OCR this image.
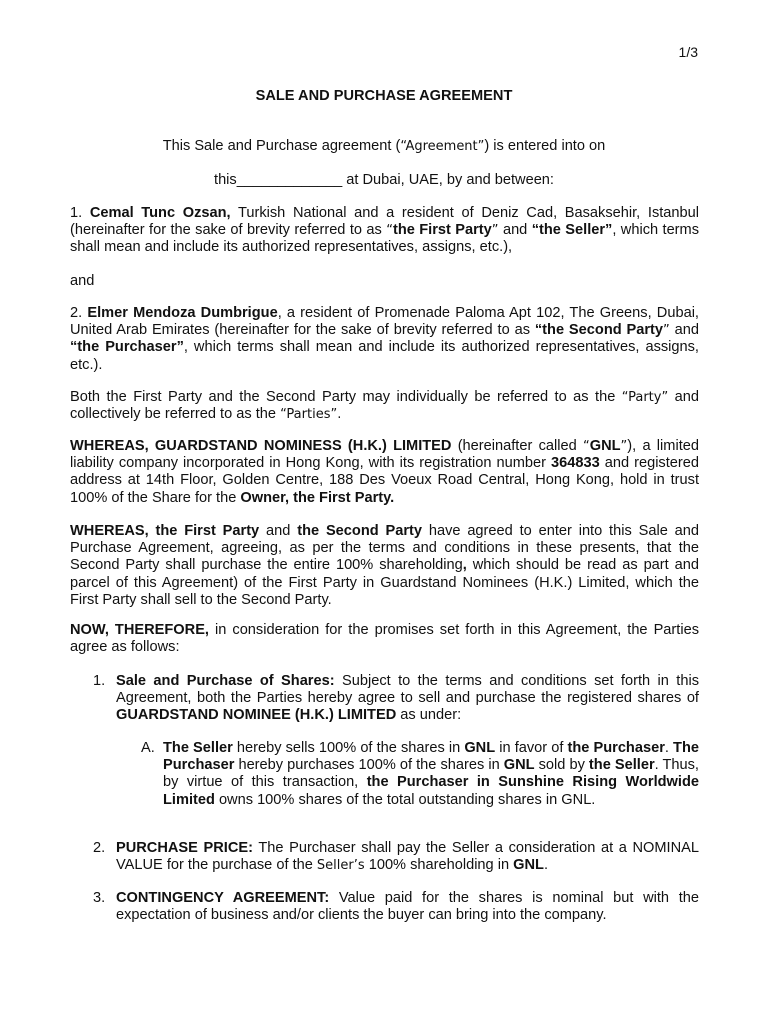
1/3
SALE AND PURCHASE AGREEMENT
This Sale and Purchase agreement (“Agreement”) is entered into on
this_____________ at Dubai, UAE, by and between:
1. Cemal Tunc Ozsan, Turkish National and a resident of Deniz Cad, Basaksehir, Istanbul (hereinafter for the sake of brevity referred to as “the First Party” and “the Seller”, which terms shall mean and include its authorized representatives, assigns, etc.),
and
2. Elmer Mendoza Dumbrigue, a resident of Promenade Paloma Apt 102, The Greens, Dubai, United Arab Emirates (hereinafter for the sake of brevity referred to as “the Second Party” and “the Purchaser”, which terms shall mean and include its authorized representatives, assigns, etc.).
Both the First Party and the Second Party may individually be referred to as the “Party” and collectively be referred to as the “Parties”.
WHEREAS, GUARDSTAND NOMINESS (H.K.) LIMITED (hereinafter called “GNL”), a limited liability company incorporated in Hong Kong, with its registration number 364833 and registered address at 14th Floor, Golden Centre, 188 Des Voeux Road Central, Hong Kong, hold in trust 100% of the Share for the Owner, the First Party.
WHEREAS, the First Party and the Second Party have agreed to enter into this Sale and Purchase Agreement, agreeing, as per the terms and conditions in these presents, that the Second Party shall purchase the entire 100% shareholding, which should be read as part and parcel of this Agreement) of the First Party in Guardstand Nominees (H.K.) Limited, which the First Party shall sell to the Second Party.
NOW, THEREFORE, in consideration for the promises set forth in this Agreement, the Parties agree as follows:
1. Sale and Purchase of Shares: Subject to the terms and conditions set forth in this Agreement, both the Parties hereby agree to sell and purchase the registered shares of GUARDSTAND NOMINEE (H.K.) LIMITED as under:
A. The Seller hereby sells 100% of the shares in GNL in favor of the Purchaser. The Purchaser hereby purchases 100% of the shares in GNL sold by the Seller. Thus, by virtue of this transaction, the Purchaser in Sunshine Rising Worldwide Limited owns 100% shares of the total outstanding shares in GNL.
2. PURCHASE PRICE: The Purchaser shall pay the Seller a consideration at a NOMINAL VALUE for the purchase of the Seller’s 100% shareholding in GNL.
3. CONTINGENCY AGREEMENT: Value paid for the shares is nominal but with the expectation of business and/or clients the buyer can bring into the company.
